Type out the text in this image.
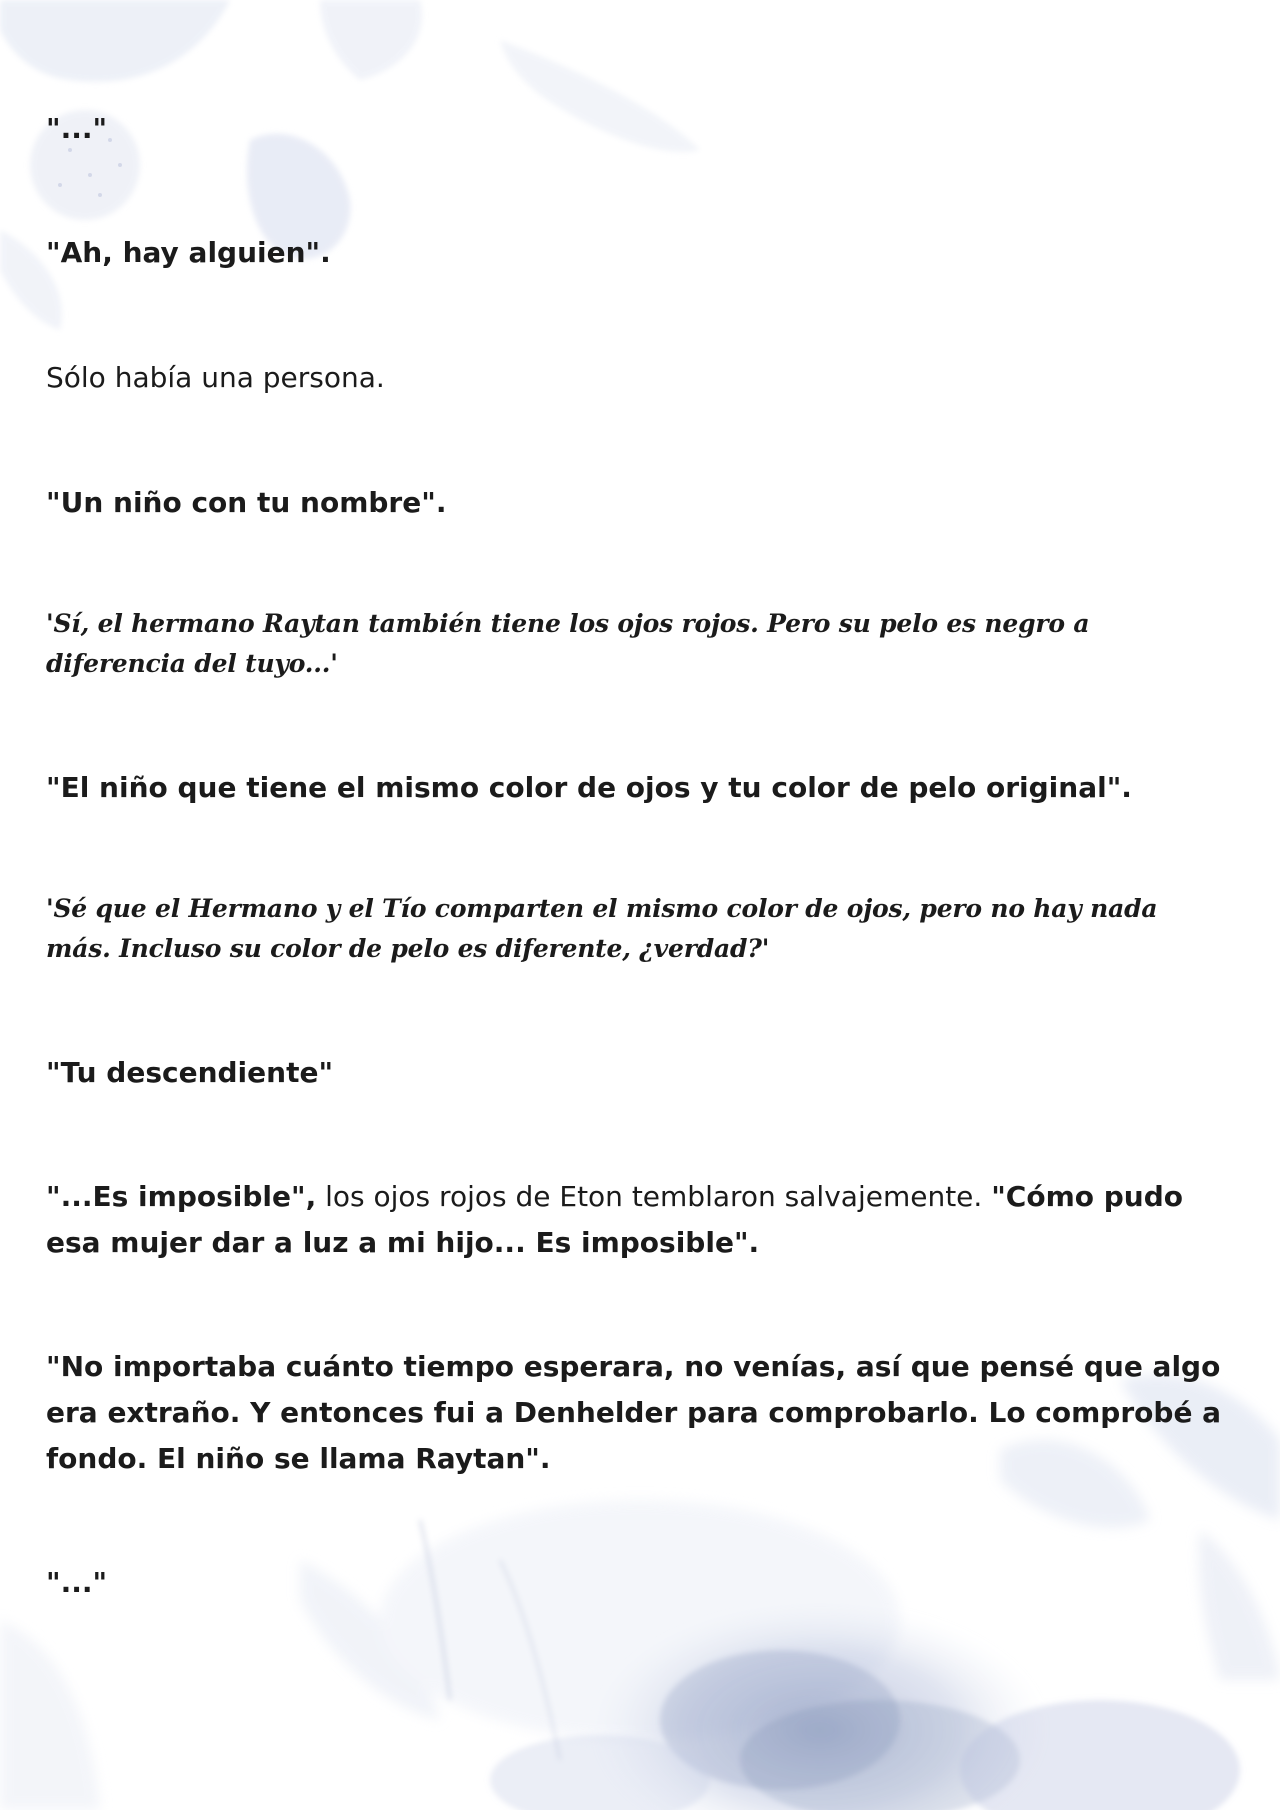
"..."

"Ah, hay alguien".

Sólo había una persona.

"Un niño con tu nombre".

'Sí, el hermano Raytan también tiene los ojos rojos. Pero su pelo es negro a diferencia del tuyo...'

"El niño que tiene el mismo color de ojos y tu color de pelo original".

'Sé que el Hermano y el Tío comparten el mismo color de ojos, pero no hay nada más. Incluso su color de pelo es diferente, ¿verdad?'

"Tu descendiente"

"...Es imposible", los ojos rojos de Eton temblaron salvajemente. "Cómo pudo esa mujer dar a luz a mi hijo... Es imposible".

"No importaba cuánto tiempo esperara, no venías, así que pensé que algo era extraño. Y entonces fui a Denhelder para comprobarlo. Lo comprobé a fondo. El niño se llama Raytan".

"..."
